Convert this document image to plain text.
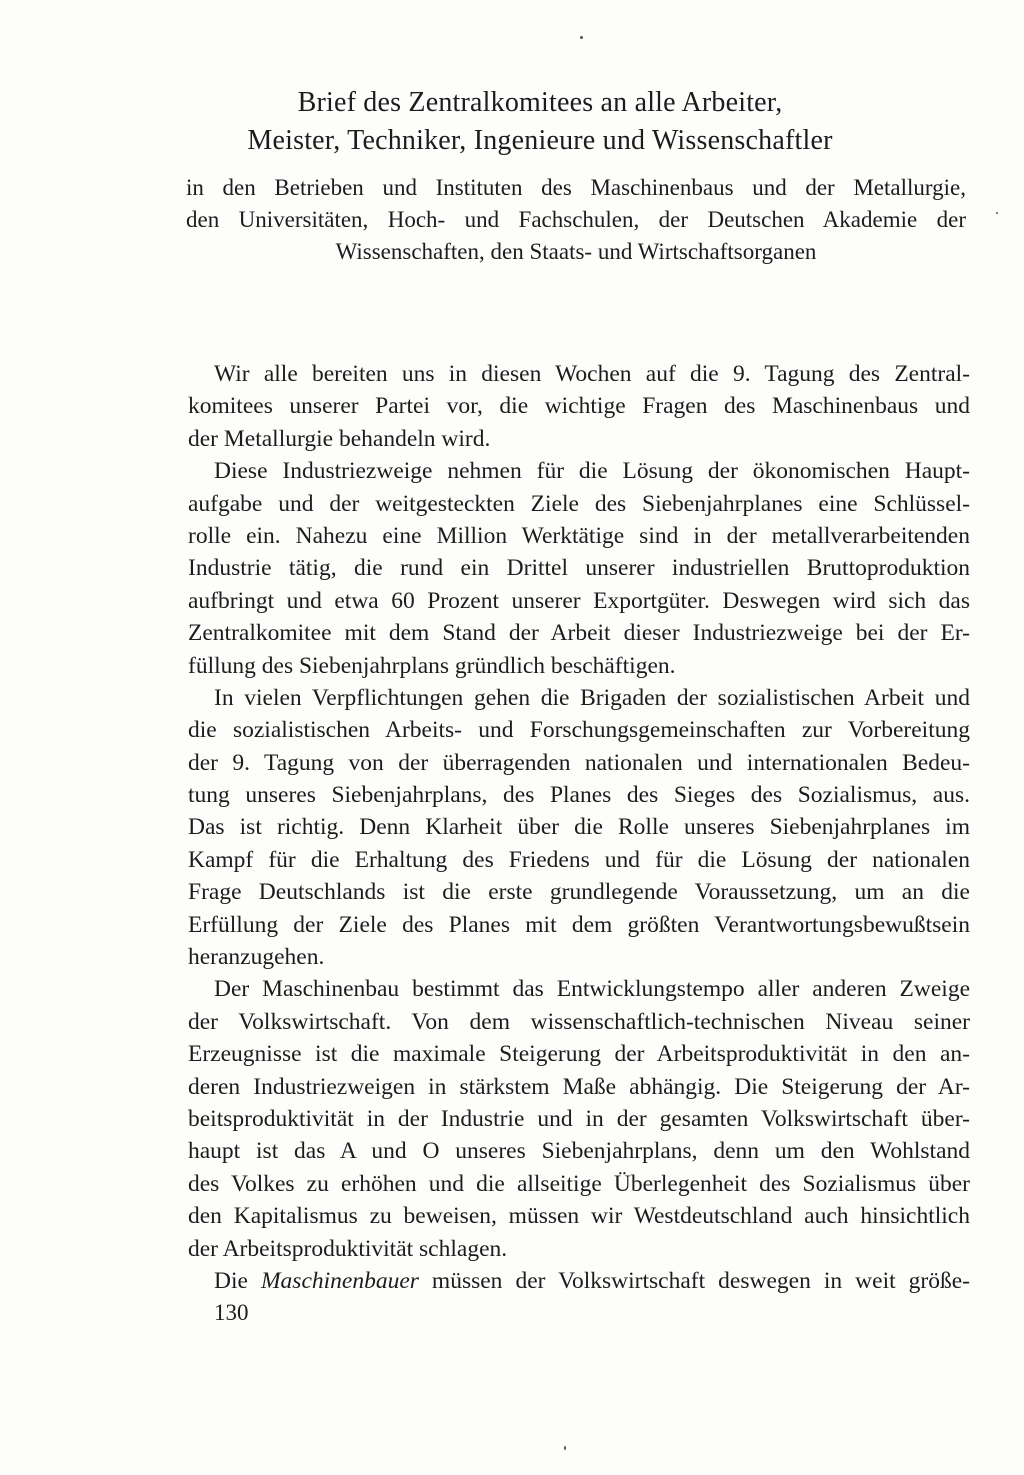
Brief des Zentralkomitees an alle Arbeiter,
Meister, Techniker, Ingenieure und Wissenschaftler
in den Betrieben und Instituten des Maschinenbaus und der Metallurgie,
den Universitäten, Hoch- und Fachschulen, der Deutschen Akademie der
Wissenschaften, den Staats- und Wirtschaftsorganen
Wir alle bereiten uns in diesen Wochen auf die 9. Tagung des Zentral-
komitees unserer Partei vor, die wichtige Fragen des Maschinenbaus und
der Metallurgie behandeln wird.
Diese Industriezweige nehmen für die Lösung der ökonomischen Haupt-
aufgabe und der weitgesteckten Ziele des Siebenjahrplanes eine Schlüssel-
rolle ein. Nahezu eine Million Werktätige sind in der metallverarbeitenden
Industrie tätig, die rund ein Drittel unserer industriellen Bruttoproduktion
aufbringt und etwa 60 Prozent unserer Exportgüter. Deswegen wird sich das
Zentralkomitee mit dem Stand der Arbeit dieser Industriezweige bei der Er-
füllung des Siebenjahrplans gründlich beschäftigen.
In vielen Verpflichtungen gehen die Brigaden der sozialistischen Arbeit und
die sozialistischen Arbeits- und Forschungsgemeinschaften zur Vorbereitung
der 9. Tagung von der überragenden nationalen und internationalen Bedeu-
tung unseres Siebenjahrplans, des Planes des Sieges des Sozialismus, aus.
Das ist richtig. Denn Klarheit über die Rolle unseres Siebenjahrplanes im
Kampf für die Erhaltung des Friedens und für die Lösung der nationalen
Frage Deutschlands ist die erste grundlegende Voraussetzung, um an die
Erfüllung der Ziele des Planes mit dem größten Verantwortungsbewußtsein
heranzugehen.
Der Maschinenbau bestimmt das Entwicklungstempo aller anderen Zweige
der Volkswirtschaft. Von dem wissenschaftlich-technischen Niveau seiner
Erzeugnisse ist die maximale Steigerung der Arbeitsproduktivität in den an-
deren Industriezweigen in stärkstem Maße abhängig. Die Steigerung der Ar-
beitsproduktivität in der Industrie und in der gesamten Volkswirtschaft über-
haupt ist das A und O unseres Siebenjahrplans, denn um den Wohlstand
des Volkes zu erhöhen und die allseitige Überlegenheit des Sozialismus über
den Kapitalismus zu beweisen, müssen wir Westdeutschland auch hinsichtlich
der Arbeitsproduktivität schlagen.
Die Maschinenbauer müssen der Volkswirtschaft deswegen in weit größe-
130
